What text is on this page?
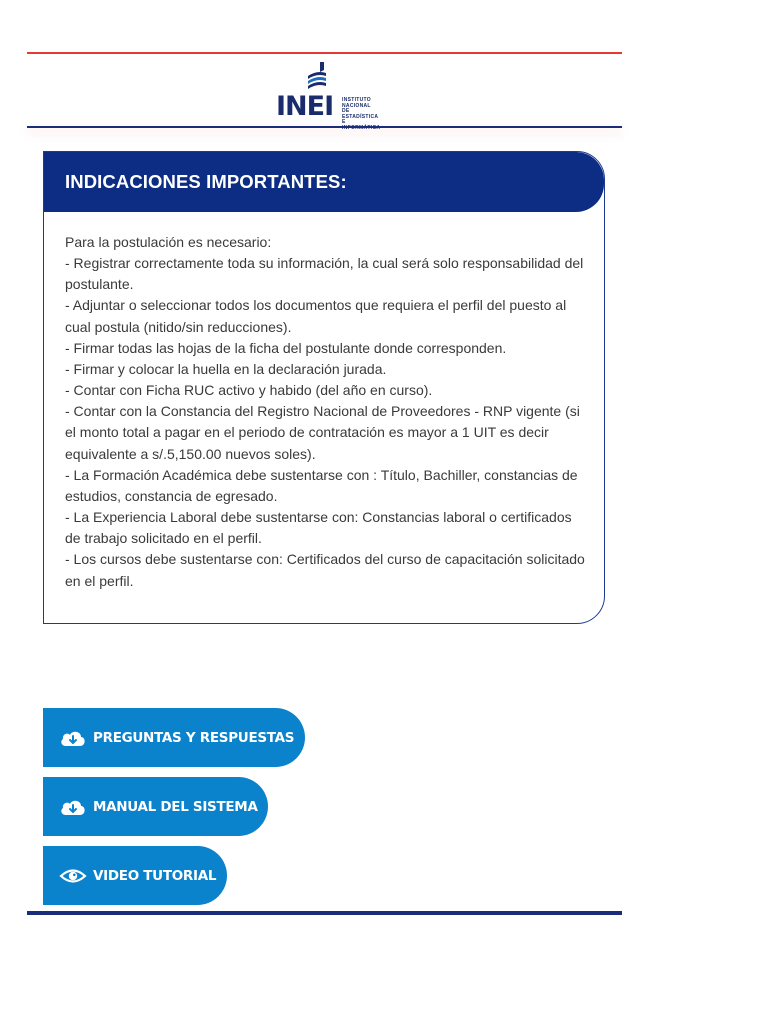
INEI INSTITUTO NACIONAL DE ESTADÍSTICA E
INDICACIONES IMPORTANTES:
Para la postulación es necesario:
- Registrar correctamente toda su información, la cual será solo responsabilidad del postulante.
- Adjuntar o seleccionar todos los documentos que requiera el perfil del puesto al cual postula (nitido/sin reducciones).
- Firmar todas las hojas de la ficha del postulante donde corresponden.
- Firmar y colocar la huella en la declaración jurada.
- Contar con Ficha RUC activo y habido (del año en curso).
- Contar con la Constancia del Registro Nacional de Proveedores - RNP vigente (si el monto total a pagar en el periodo de contratación es mayor a 1 UIT es decir equivalente a s/.5,150.00 nuevos soles).
- La Formación Académica debe sustentarse con : Título, Bachiller, constancias de estudios, constancia de egresado.
- La Experiencia Laboral debe sustentarse con: Constancias laboral o certificados de trabajo solicitado en el perfil.
- Los cursos debe sustentarse con: Certificados del curso de capacitación solicitado en el perfil.
PREGUNTAS Y RESPUESTAS
MANUAL DEL SISTEMA
VIDEO TUTORIAL
